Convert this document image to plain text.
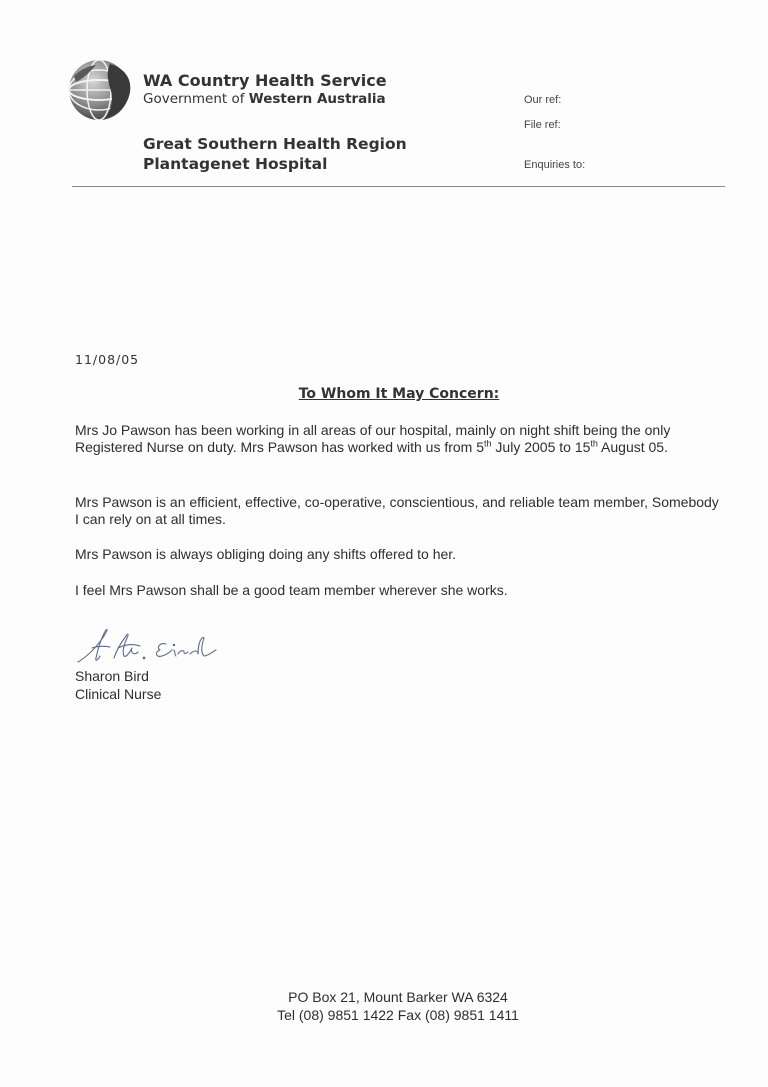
WA Country Health Service
Government of Western Australia
Great Southern Health Region
Plantagenet Hospital
Our ref:
File ref:
Enquiries to:
11/08/05
To Whom It May Concern:
Mrs Jo Pawson has been working in all areas of our hospital, mainly on night shift being the only Registered Nurse on duty. Mrs Pawson has worked with us from 5th July 2005 to 15th August 05.
Mrs Pawson is an efficient, effective, co-operative, conscientious, and reliable team member, Somebody I can rely on at all times.
Mrs Pawson is always obliging doing any shifts offered to her.
I feel Mrs Pawson shall be a good team member wherever she works.
Sharon Bird
Clinical Nurse
PO Box 21, Mount Barker WA 6324
Tel (08) 9851 1422 Fax (08) 9851 1411
